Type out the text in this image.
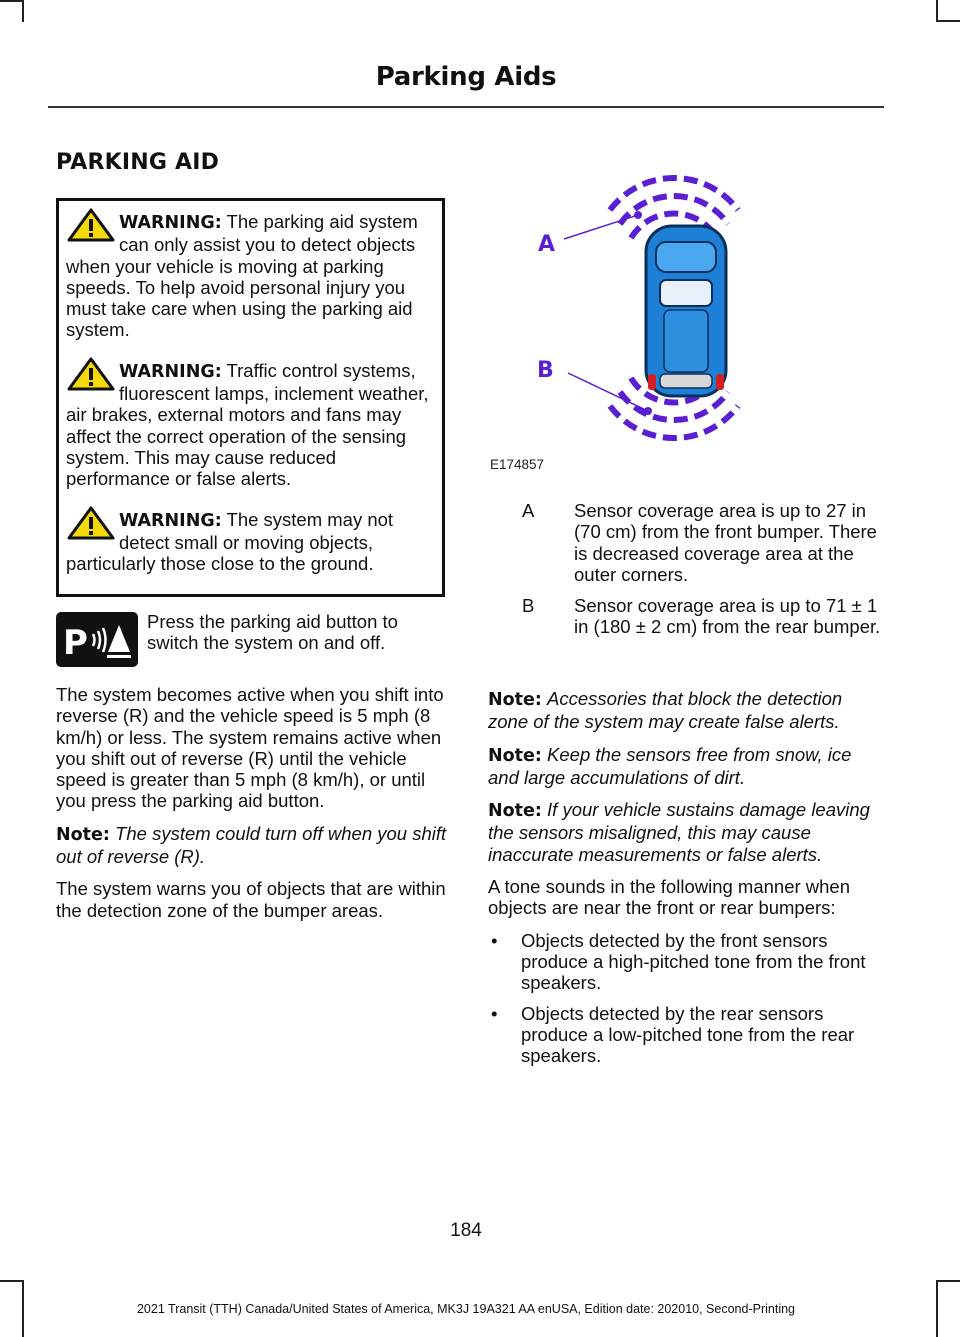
Parking Aids
PARKING AID

WARNING: The parking aid system can only assist you to detect objects when your vehicle is moving at parking speeds. To help avoid personal injury you must take care when using the parking aid system.

WARNING: Traffic control systems, fluorescent lamps, inclement weather, air brakes, external motors and fans may affect the correct operation of the sensing system. This may cause reduced performance or false alerts.

WARNING: The system may not detect small or moving objects, particularly those close to the ground.

P

Press the parking aid button to switch the system on and off.

The system becomes active when you shift into reverse (R) and the vehicle speed is 5 mph (8 km/h) or less. The system remains active when you shift out of reverse (R) until the vehicle speed is greater than 5 mph (8 km/h), or until you press the parking aid button.

Note: The system could turn off when you shift out of reverse (R).

The system warns you of objects that are within the detection zone of the bumper areas.

A
B
E174857
A Sensor coverage area is up to 27 in (70 cm) from the front bumper. There is decreased coverage area at the outer corners.
B Sensor coverage area is up to 71 ± 1 in (180 ± 2 cm) from the rear bumper.

Note: Accessories that block the detection zone of the system may create false alerts.

Note: Keep the sensors free from snow, ice and large accumulations of dirt.

Note: If your vehicle sustains damage leaving the sensors misaligned, this may cause inaccurate measurements or false alerts.

A tone sounds in the following manner when objects are near the front or rear bumpers:

• Objects detected by the front sensors produce a high-pitched tone from the front speakers.
• Objects detected by the rear sensors produce a low-pitched tone from the rear speakers.
184
2021 Transit (TTH) Canada/United States of America, MK3J 19A321 AA enUSA, Edition date: 202010, Second-Printing
